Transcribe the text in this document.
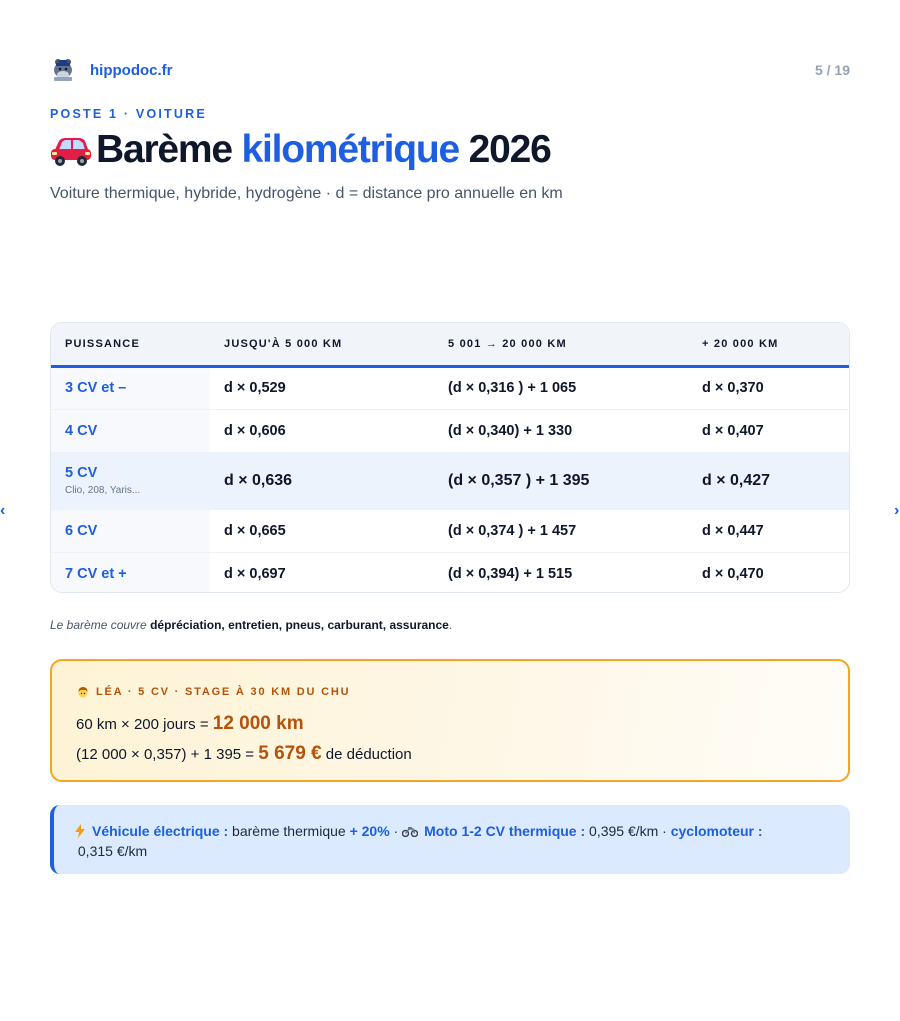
hippodoc.fr	5 / 19
POSTE 1 · VOITURE
Barème kilométrique 2026

Voiture thermique, hybride, hydrogène · d = distance pro annuelle en km

PUISSANCE	JUSQU'À 5 000 KM	5 001 → 20 000 KM	+ 20 000 KM
3 CV et –	d × 0,529	(d × 0,316 ) + 1 065	d × 0,370
4 CV	d × 0,606	(d × 0,340) + 1 330	d × 0,407
5 CV
Clio, 208, Yaris...	d × 0,636	(d × 0,357 ) + 1 395	d × 0,427
6 CV	d × 0,665	(d × 0,374 ) + 1 457	d × 0,447
7 CV et +	d × 0,697	(d × 0,394) + 1 515	d × 0,470
‹	›

Le barème couvre dépréciation, entretien, pneus, carburant, assurance.

LÉA · 5 CV · STAGE À 30 KM DU CHU
60 km × 200 jours = 12 000 km
(12 000 × 0,357) + 1 395 = 5 679 € de déduction
Véhicule électrique : barème thermique + 20% · Moto 1-2 CV thermique : 0,395 €/km · cyclomoteur : 0,315 €/km
